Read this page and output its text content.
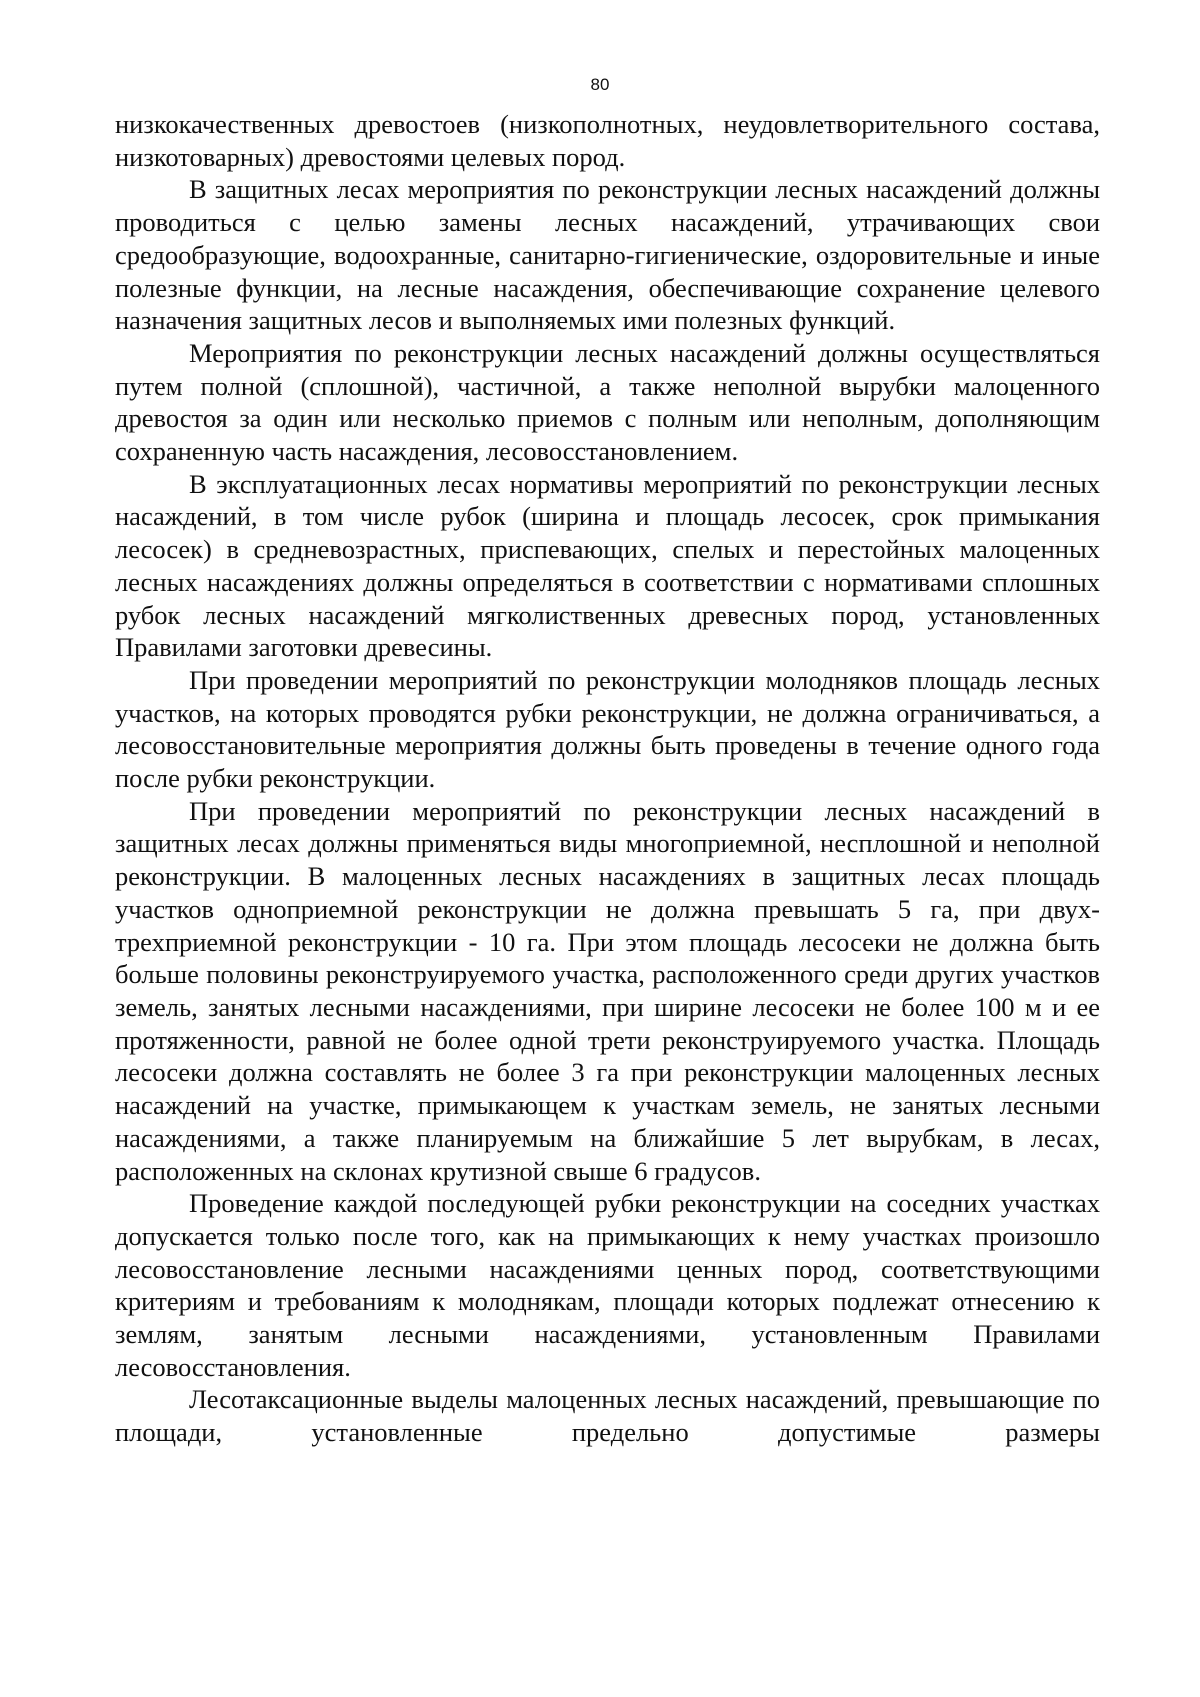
80

низкокачественных древостоев (низкополнотных, неудовлетворительного состава, низкотоварных) древостоями целевых пород.

В защитных лесах мероприятия по реконструкции лесных насаждений должны проводиться с целью замены лесных насаждений, утрачивающих свои средообразующие, водоохранные, санитарно-гигиенические, оздоровительные и иные полезные функции, на лесные насаждения, обеспечивающие сохранение целевого назначения защитных лесов и выполняемых ими полезных функций.

Мероприятия по реконструкции лесных насаждений должны осуществляться путем полной (сплошной), частичной, а также неполной вырубки малоценного древостоя за один или несколько приемов с полным или неполным, дополняющим сохраненную часть насаждения, лесовосстановлением.

В эксплуатационных лесах нормативы мероприятий по реконструкции лесных насаждений, в том числе рубок (ширина и площадь лесосек, срок примыкания лесосек) в средневозрастных, приспевающих, спелых и перестойных малоценных лесных насаждениях должны определяться в соответствии с нормативами сплошных рубок лесных насаждений мягколиственных древесных пород, установленных Правилами заготовки древесины.

При проведении мероприятий по реконструкции молодняков площадь лесных участков, на которых проводятся рубки реконструкции, не должна ограничиваться, а лесовосстановительные мероприятия должны быть проведены в течение одного года после рубки реконструкции.

При проведении мероприятий по реконструкции лесных насаждений в защитных лесах должны применяться виды многоприемной, несплошной и неполной реконструкции. В малоценных лесных насаждениях в защитных лесах площадь участков одноприемной реконструкции не должна превышать 5 га, при двух-трехприемной реконструкции - 10 га. При этом площадь лесосеки не должна быть больше половины реконструируемого участка, расположенного среди других участков земель, занятых лесными насаждениями, при ширине лесосеки не более 100 м и ее протяженности, равной не более одной трети реконструируемого участка. Площадь лесосеки должна составлять не более 3 га при реконструкции малоценных лесных насаждений на участке, примыкающем к участкам земель, не занятых лесными насаждениями, а также планируемым на ближайшие 5 лет вырубкам, в лесах, расположенных на склонах крутизной свыше 6 градусов.

Проведение каждой последующей рубки реконструкции на соседних участках допускается только после того, как на примыкающих к нему участках произошло лесовосстановление лесными насаждениями ценных пород, соответствующими критериям и требованиям к молоднякам, площади которых подлежат отнесению к землям, занятым лесными насаждениями, установленным Правилами лесовосстановления.

Лесотаксационные выделы малоценных лесных насаждений, превышающие по площади, установленные предельно допустимые размеры
